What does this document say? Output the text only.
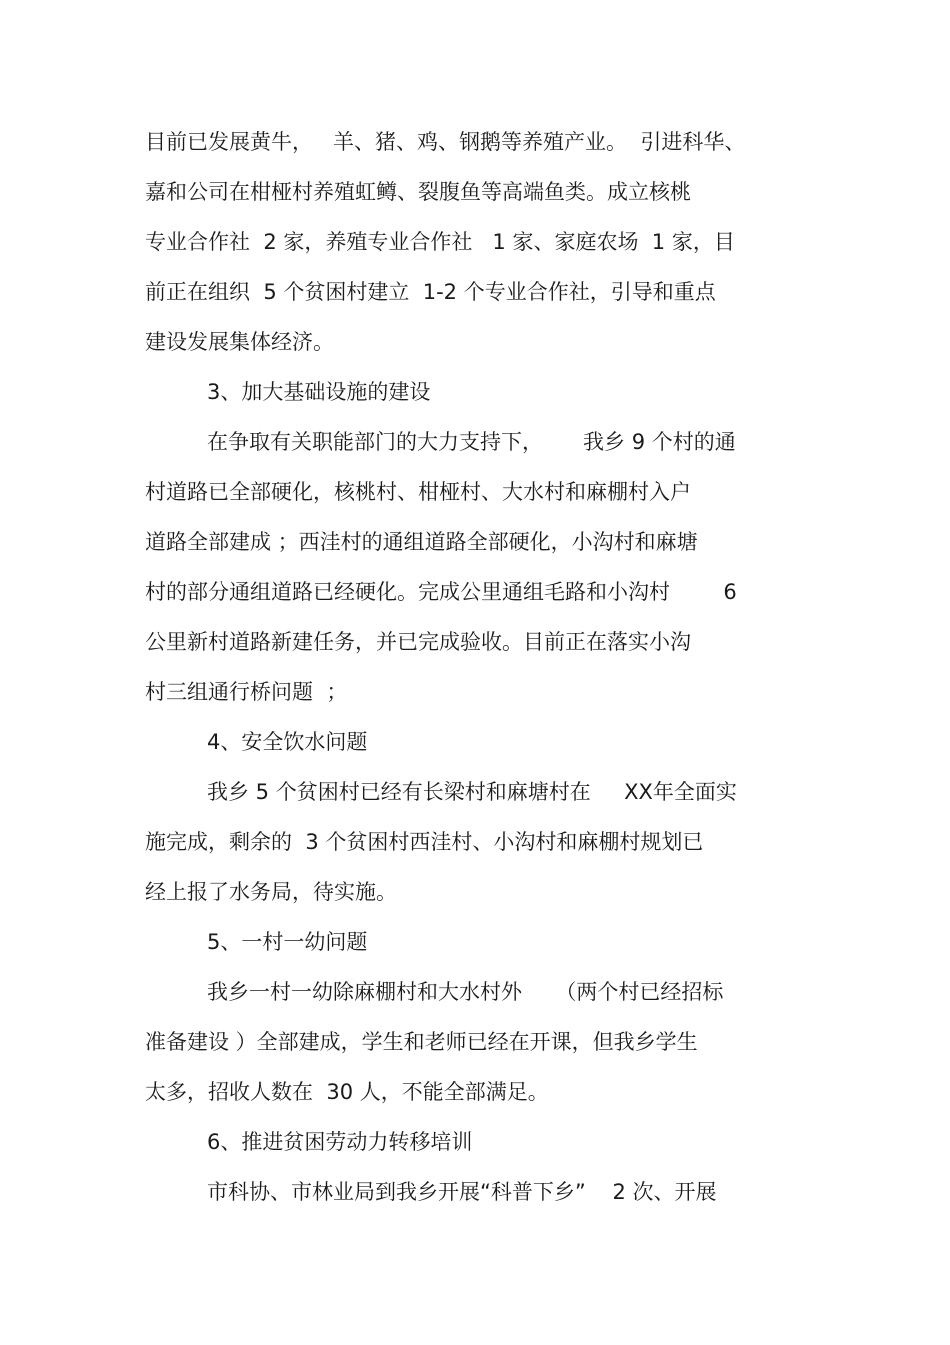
目前已发展黄牛，   羊、猪、鸡、钢鹅等养殖产业。  引进科华、
嘉和公司在柑桠村养殖虹鳟、裂腹鱼等高端鱼类。成立核桃
专业合作社  2 家，养殖专业合作社   1 家、家庭农场  1 家，目
前正在组织  5 个贫困村建立  1-2 个专业合作社，引导和重点
建设发展集体经济。
3、加大基础设施的建设
在争取有关职能部门的大力支持下，      我乡 9 个村的通
村道路已全部硬化，核桃村、柑桠村、大水村和麻棚村入户
道路全部建成 ；西洼村的通组道路全部硬化，小沟村和麻塘
村的部分通组道路已经硬化。完成公里通组毛路和小沟村        6
公里新村道路新建任务，并已完成验收。目前正在落实小沟
村三组通行桥问题  ；
4、安全饮水问题
我乡 5 个贫困村已经有长梁村和麻塘村在     XX年全面实
施完成，剩余的  3 个贫困村西洼村、小沟村和麻棚村规划已
经上报了水务局，待实施。
5、一村一幼问题
我乡一村一幼除麻棚村和大水村外     （两个村已经招标
准备建设 ）全部建成，学生和老师已经在开课，但我乡学生
太多，招收人数在  30 人，不能全部满足。
6、推进贫困劳动力转移培训
市科协、市林业局到我乡开展“科普下乡”    2 次、开展
